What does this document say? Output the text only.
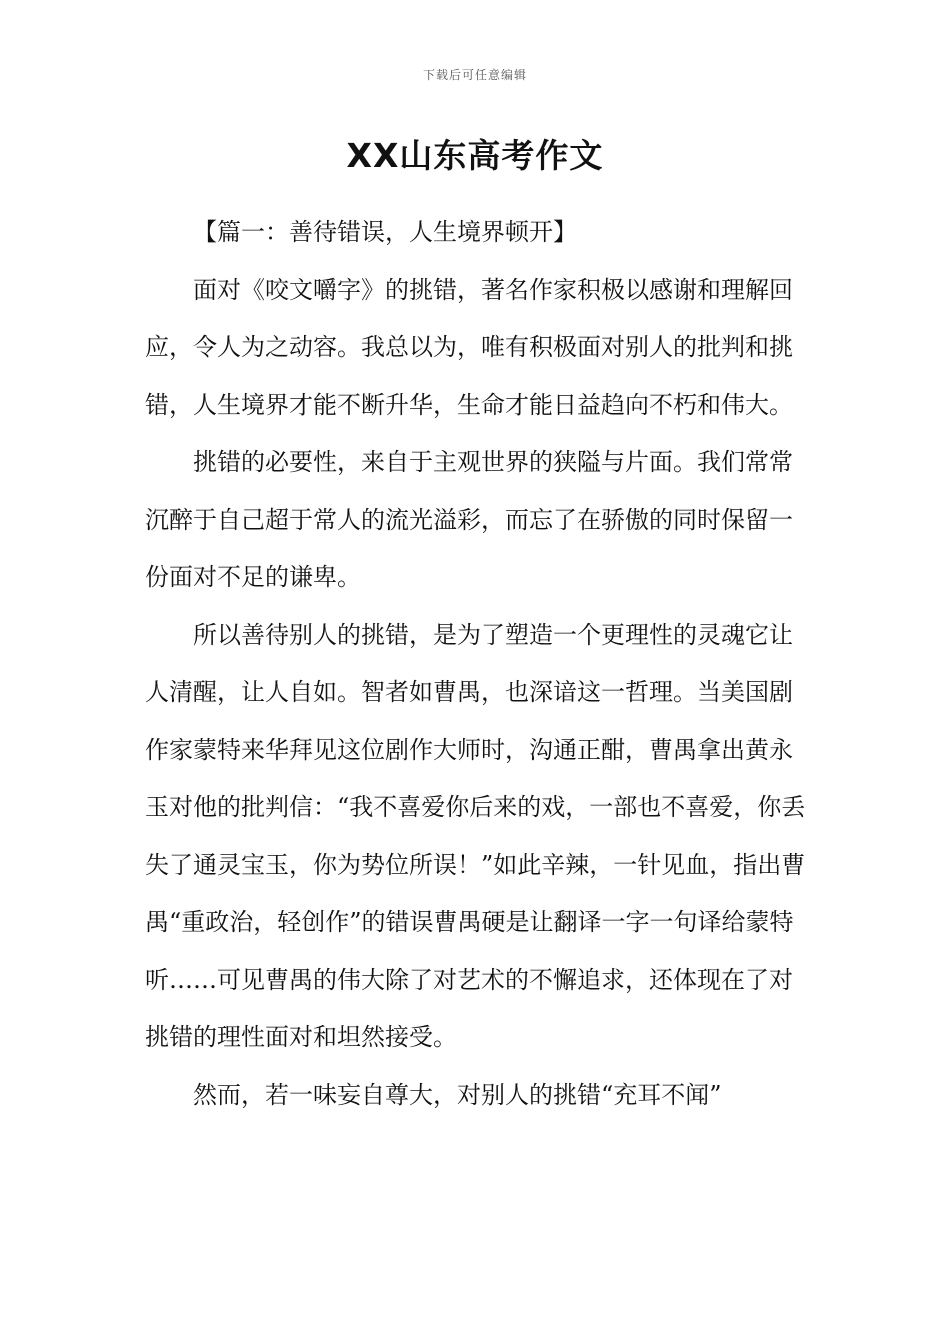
下载后可任意编辑
XX山东高考作文

【篇一：善待错误，人生境界顿开】

面对《咬文嚼字》的挑错，著名作家积极以感谢和理解回应，令人为之动容。我总以为，唯有积极面对别人的批判和挑错，人生境界才能不断升华，生命才能日益趋向不朽和伟大。

挑错的必要性，来自于主观世界的狭隘与片面。我们常常沉醉于自己超于常人的流光溢彩，而忘了在骄傲的同时保留一份面对不足的谦卑。

所以善待别人的挑错，是为了塑造一个更理性的灵魂它让人清醒，让人自如。智者如曹禺，也深谙这一哲理。当美国剧作家蒙特来华拜见这位剧作大师时，沟通正酣，曹禺拿出黄永玉对他的批判信：“我不喜爱你后来的戏，一部也不喜爱，你丢失了通灵宝玉，你为势位所误！”如此辛辣，一针见血，指出曹禺“重政治，轻创作”的错误曹禺硬是让翻译一字一句译给蒙特听……可见曹禺的伟大除了对艺术的不懈追求，还体现在了对挑错的理性面对和坦然接受。

然而，若一味妄自尊大，对别人的挑错“充耳不闻”
